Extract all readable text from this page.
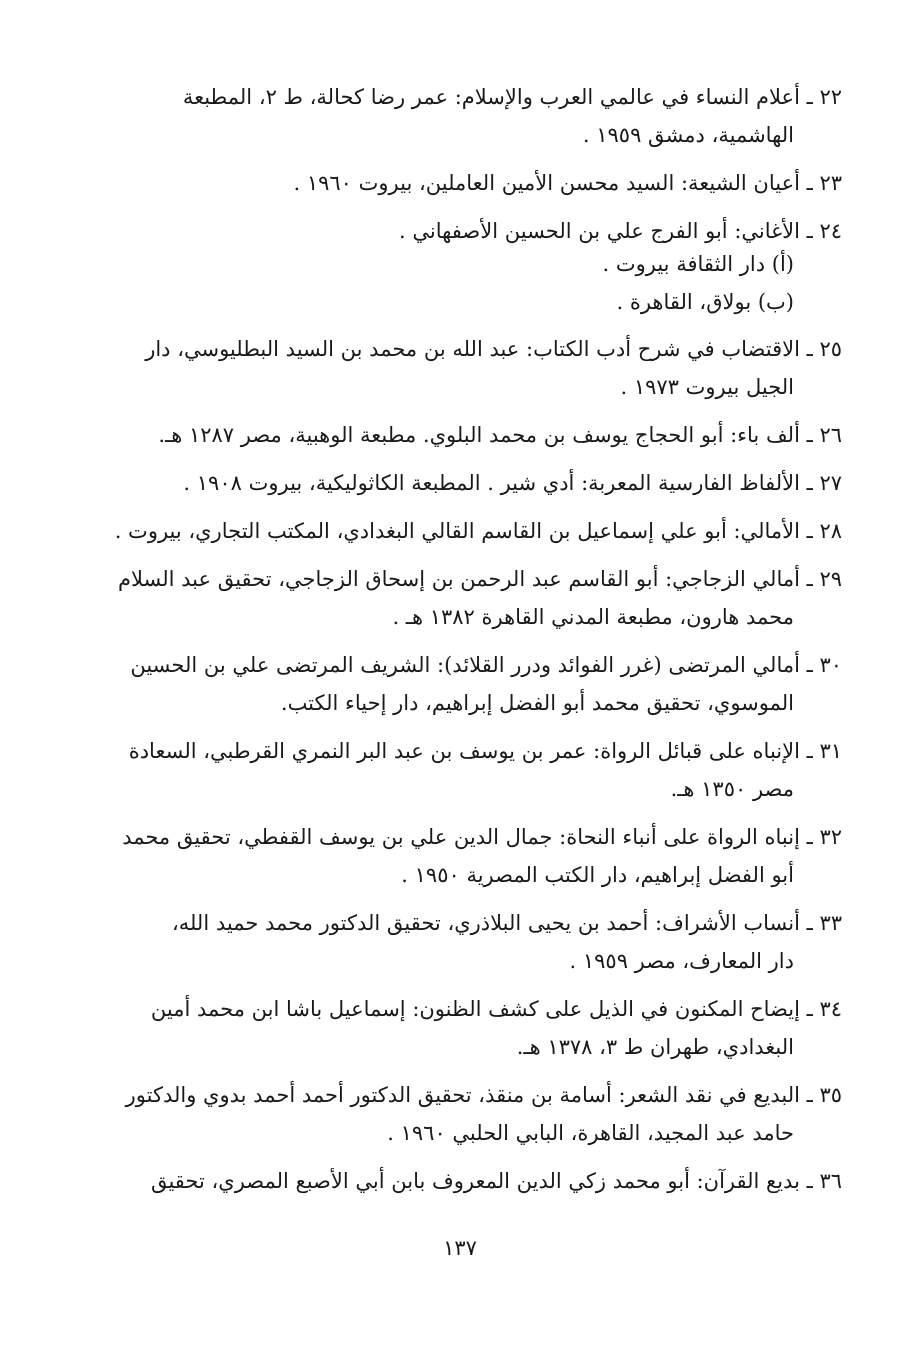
٢٢ ـ أعلام النساء في عالمي العرب والإسلام: عمر رضا كحالة، ط ٢، المطبعة
الهاشمية، دمشق ١٩٥٩ .
٢٣ ـ أعيان الشيعة: السيد محسن الأمين العاملين، بيروت ١٩٦٠ .
٢٤ ـ الأغاني: أبو الفرج علي بن الحسين الأصفهاني .
(أ) دار الثقافة بيروت .
(ب) بولاق، القاهرة .
٢٥ ـ الاقتضاب في شرح أدب الكتاب: عبد الله بن محمد بن السيد البطليوسي، دار
الجيل بيروت ١٩٧٣ .
٢٦ ـ ألف باء: أبو الحجاج يوسف بن محمد البلوي. مطبعة الوهبية، مصر ١٢٨٧ هـ.
٢٧ ـ الألفاظ الفارسية المعربة: أدي شير . المطبعة الكاثوليكية، بيروت ١٩٠٨ .
٢٨ ـ الأمالي: أبو علي إسماعيل بن القاسم القالي البغدادي، المكتب التجاري، بيروت .
٢٩ ـ أمالي الزجاجي: أبو القاسم عبد الرحمن بن إسحاق الزجاجي، تحقيق عبد السلام
محمد هارون، مطبعة المدني القاهرة ١٣٨٢ هـ .
٣٠ ـ أمالي المرتضى (غرر الفوائد ودرر القلائد): الشريف المرتضى علي بن الحسين
الموسوي، تحقيق محمد أبو الفضل إبراهيم، دار إحياء الكتب.
٣١ ـ الإنباه على قبائل الرواة: عمر بن يوسف بن عبد البر النمري القرطبي، السعادة
مصر ١٣٥٠ هـ.
٣٢ ـ إنباه الرواة على أنباء النحاة: جمال الدين علي بن يوسف القفطي، تحقيق محمد
أبو الفضل إبراهيم، دار الكتب المصرية ١٩٥٠ .
٣٣ ـ أنساب الأشراف: أحمد بن يحيى البلاذري، تحقيق الدكتور محمد حميد الله،
دار المعارف، مصر ١٩٥٩ .
٣٤ ـ إيضاح المكنون في الذيل على كشف الظنون: إسماعيل باشا ابن محمد أمين
البغدادي، طهران ط ٣، ١٣٧٨ هـ.
٣٥ ـ البديع في نقد الشعر: أسامة بن منقذ، تحقيق الدكتور أحمد أحمد بدوي والدكتور
حامد عبد المجيد، القاهرة، البابي الحلبي ١٩٦٠ .
٣٦ ـ بديع القرآن: أبو محمد زكي الدين المعروف بابن أبي الأصبع المصري، تحقيق
١٣٧
